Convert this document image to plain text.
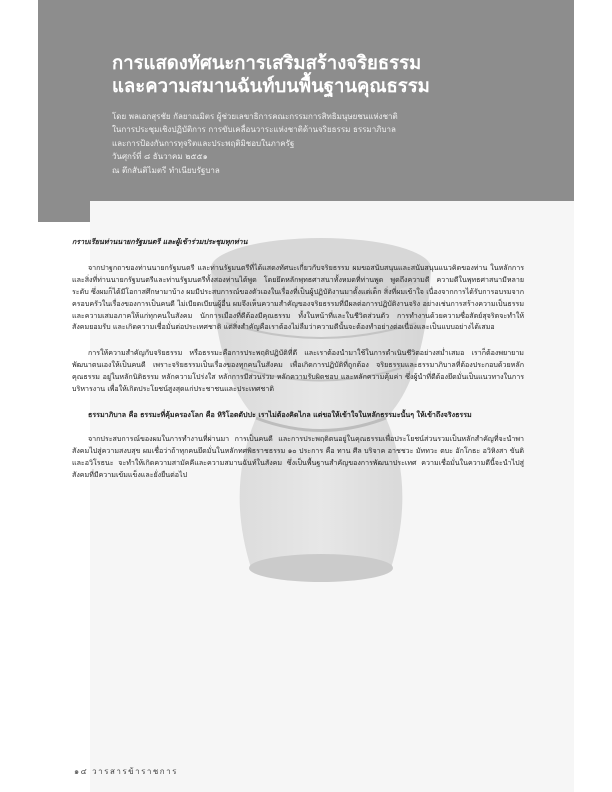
การแสดงทัศนะการเสริมสร้างจริยธรรม
และความสมานฉันท์บนพื้นฐานคุณธรรม
โดย พลเอกสุรชัย กัลยาณมิตร ผู้ช่วยเลขาธิการคณะกรรมการสิทธิมนุษยชนแห่งชาติ
ในการประชุมเชิงปฏิบัติการ การขับเคลื่อนวาระแห่งชาติด้านจริยธรรม ธรรมาภิบาล
และการป้องกันการทุจริตและประพฤติมิชอบในภาครัฐ
วันศุกร์ที่ ๘ ธันวาคม ๒๕๕๑
ณ ตึกสันติไมตรี ทำเนียบรัฐบาล
กราบเรียนท่านนายกรัฐมนตรี และผู้เข้าร่วมประชุมทุกท่าน
จากปาฐกถาของท่านนายกรัฐมนตรี และท่านรัฐมนตรีที่ได้แสดงทัศนะเกี่ยวกับจริยธรรม ผมขอสนับสนุนและสนับสนุนแนวคิดของท่าน ในหลักการและสิ่งที่ท่านนายกรัฐมนตรีและท่านรัฐมนตรีทั้งสองท่านได้พูด โดยยึดหลักพุทธศาสนาทั้งหมดที่ท่านพูด พูดถึงความดี ความดีในพุทธศาสนามีหลายระดับ ซึ่งผมก็ได้มีโอกาสศึกษามาบ้าง ผมมีประสบการณ์ของตัวเองในเรื่องที่เป็นผู้ปฏิบัติงานมาตั้งแต่เด็ก สิ่งที่ผมเข้าใจ เนื่องจากการได้รับการอบรมจากครอบครัวในเรื่องของการเป็นคนดี ไม่เบียดเบียนผู้อื่น ผมจึงเห็นความสำคัญของจริยธรรมที่มีผลต่อการปฏิบัติงานจริง อย่างเช่นการสร้างความเป็นธรรมและความเสมอภาคให้แก่ทุกคนในสังคม นักการเมืองที่ดีต้องมีคุณธรรม ทั้งในหน้าที่และในชีวิตส่วนตัว การทำงานด้วยความซื่อสัตย์สุจริตจะทำให้สังคมยอมรับ และเกิดความเชื่อมั่นต่อประเทศชาติ แต่สิ่งสำคัญคือเราต้องไม่ลืมว่าความดีนั้นจะต้องทำอย่างต่อเนื่องและเป็นแบบอย่างได้เสมอ
การให้ความสำคัญกับจริยธรรม หรือธรรมะคือการประพฤติปฏิบัติที่ดี และเราต้องนำมาใช้ในการดำเนินชีวิตอย่างสม่ำเสมอ เราก็ต้องพยายามพัฒนาตนเองให้เป็นคนดี เพราะจริยธรรมเป็นเรื่องของทุกคนในสังคม เพื่อเกิดการปฏิบัติที่ถูกต้อง จริยธรรมและธรรมาภิบาลที่ต้องประกอบด้วยหลักคุณธรรม อยู่ในหลักนิติธรรม หลักความโปร่งใส หลักการมีส่วนร่วม หลักความรับผิดชอบ และหลักความคุ้มค่า ซึ่งผู้นำที่ดีต้องยึดมั่นเป็นแนวทางในการบริหารงาน เพื่อให้เกิดประโยชน์สูงสุดแก่ประชาชนและประเทศชาติ
ธรรมาภิบาล คือ ธรรมะที่คุ้มครองโลก คือ หิริโอตตัปปะ เราไม่ต้องคิดไกล แต่ขอให้เข้าใจในหลักธรรมะนั้นๆ ให้เข้าถึงจริงธรรม
จากประสบการณ์ของผมในการทำงานที่ผ่านมา การเป็นคนดี และการประพฤติตนอยู่ในคุณธรรมเพื่อประโยชน์ส่วนรวมเป็นหลักสำคัญที่จะนำพาสังคมไปสู่ความสงบสุข ผมเชื่อว่าถ้าทุกคนยึดมั่นในหลักทศพิธราชธรรม ๑๐ ประการ คือ ทาน ศีล บริจาค อาชชวะ มัททวะ ตบะ อักโกธะ อวิหิงสา ขันติ และอวิโรธนะ จะทำให้เกิดความสามัคคีและความสมานฉันท์ในสังคม ซึ่งเป็นพื้นฐานสำคัญของการพัฒนาประเทศ ความเชื่อมั่นในความดีนี้จะนำไปสู่สังคมที่มีความเข้มแข็งและยั่งยืนต่อไป
๑๔ วารสารข้าราชการ
